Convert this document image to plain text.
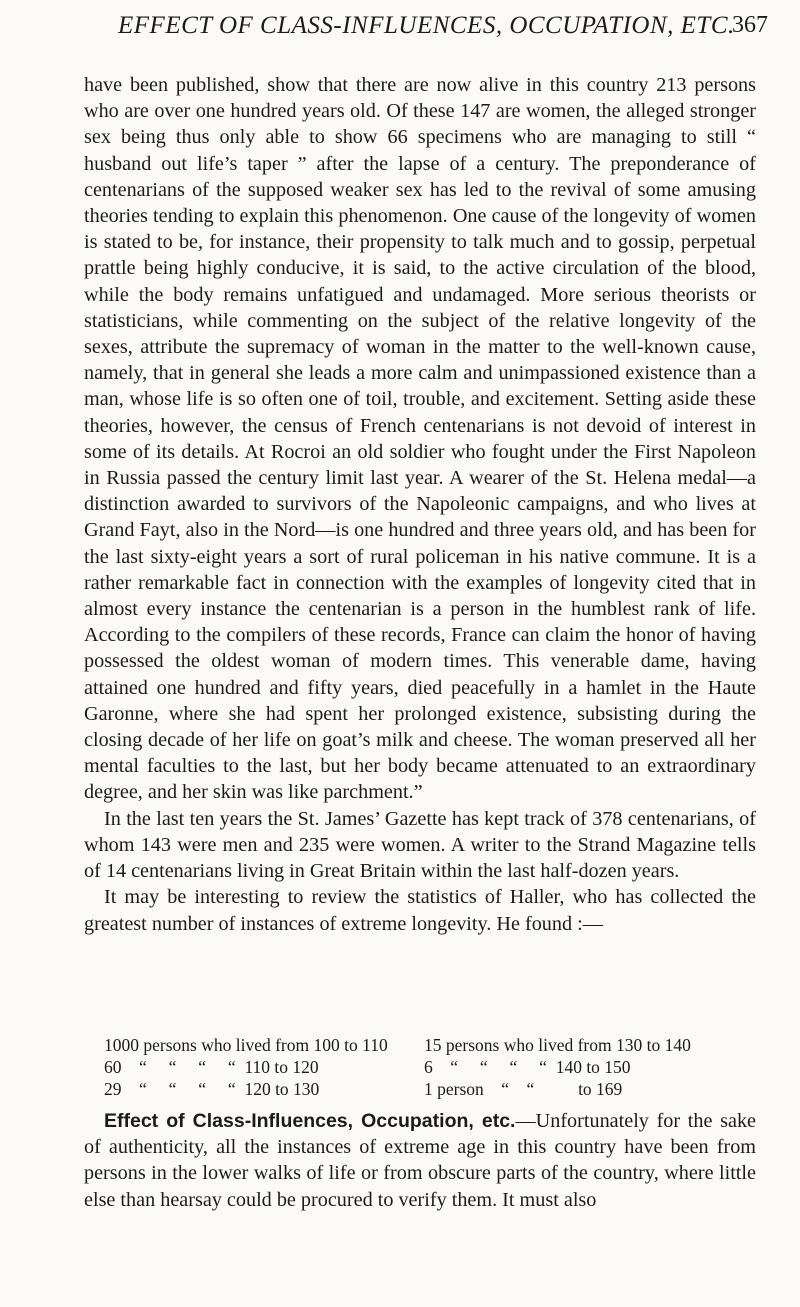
EFFECT OF CLASS-INFLUENCES, OCCUPATION, ETC.
367

have been published, show that there are now alive in this country 213 persons who are over one hundred years old. Of these 147 are women, the alleged stronger sex being thus only able to show 66 specimens who are managing to still “ husband out life’s taper ” after the lapse of a century. The preponderance of centenarians of the supposed weaker sex has led to the revival of some amusing theories tending to explain this phenomenon. One cause of the longevity of women is stated to be, for instance, their propensity to talk much and to gossip, perpetual prattle being highly conducive, it is said, to the active circulation of the blood, while the body remains unfatigued and undamaged. More serious theorists or statisticians, while commenting on the subject of the relative longevity of the sexes, attribute the supremacy of woman in the matter to the well-known cause, namely, that in general she leads a more calm and unimpassioned existence than a man, whose life is so often one of toil, trouble, and excitement. Setting aside these theories, however, the census of French centenarians is not devoid of interest in some of its details. At Rocroi an old soldier who fought under the First Napoleon in Russia passed the century limit last year. A wearer of the St. Helena medal—a distinction awarded to survivors of the Napoleonic campaigns, and who lives at Grand Fayt, also in the Nord—is one hundred and three years old, and has been for the last sixty-eight years a sort of rural policeman in his native commune. It is a rather remarkable fact in connection with the examples of longevity cited that in almost every instance the centenarian is a person in the humblest rank of life. According to the compilers of these records, France can claim the honor of having possessed the oldest woman of modern times. This venerable dame, having attained one hundred and fifty years, died peacefully in a hamlet in the Haute Garonne, where she had spent her prolonged existence, subsisting during the closing decade of her life on goat’s milk and cheese. The woman preserved all her mental faculties to the last, but her body became attenuated to an extraordinary degree, and her skin was like parchment.”

In the last ten years the St. James’ Gazette has kept track of 378 centenarians, of whom 143 were men and 235 were women. A writer to the Strand Magazine tells of 14 centenarians living in Great Britain within the last half-dozen years.

It may be interesting to review the statistics of Haller, who has collected the greatest number of instances of extreme longevity. He found :—

1000 persons who lived from 100 to 110	15 persons who lived from 130 to 140
60    “     “     “     “  110 to 120	6    “     “     “     “  140 to 150
29    “     “     “     “  120 to 130	1 person    “    “          to 169

Effect of Class-Influences, Occupation, etc.—Unfortunately for the sake of authenticity, all the instances of extreme age in this country have been from persons in the lower walks of life or from obscure parts of the country, where little else than hearsay could be procured to verify them. It must also
